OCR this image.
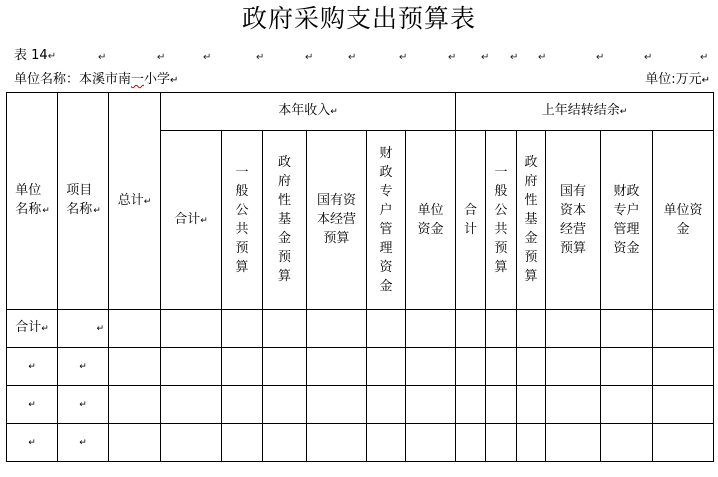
政府采购支出预算表
表 14↵	↵	↵	↵	↵	↵	↵	↵	↵ ↵ ↵ ↵	↵	↵	↵
单位名称：本溪市南一小学↵	单位:万元↵
单位名称↵	项目名称↵	总计↵	本年收入↵						上年结转结余↵					
			合计↵	一般公共预算	政府性基金预算	国有资本经营预算	财政专户管理资金	单位资金	合计	一般公共预算	政府性基金预算	国有资本经营预算	财政专户管理资金	单位资金
合计↵	↵													
↵	↵													
↵	↵													
↵	↵													
